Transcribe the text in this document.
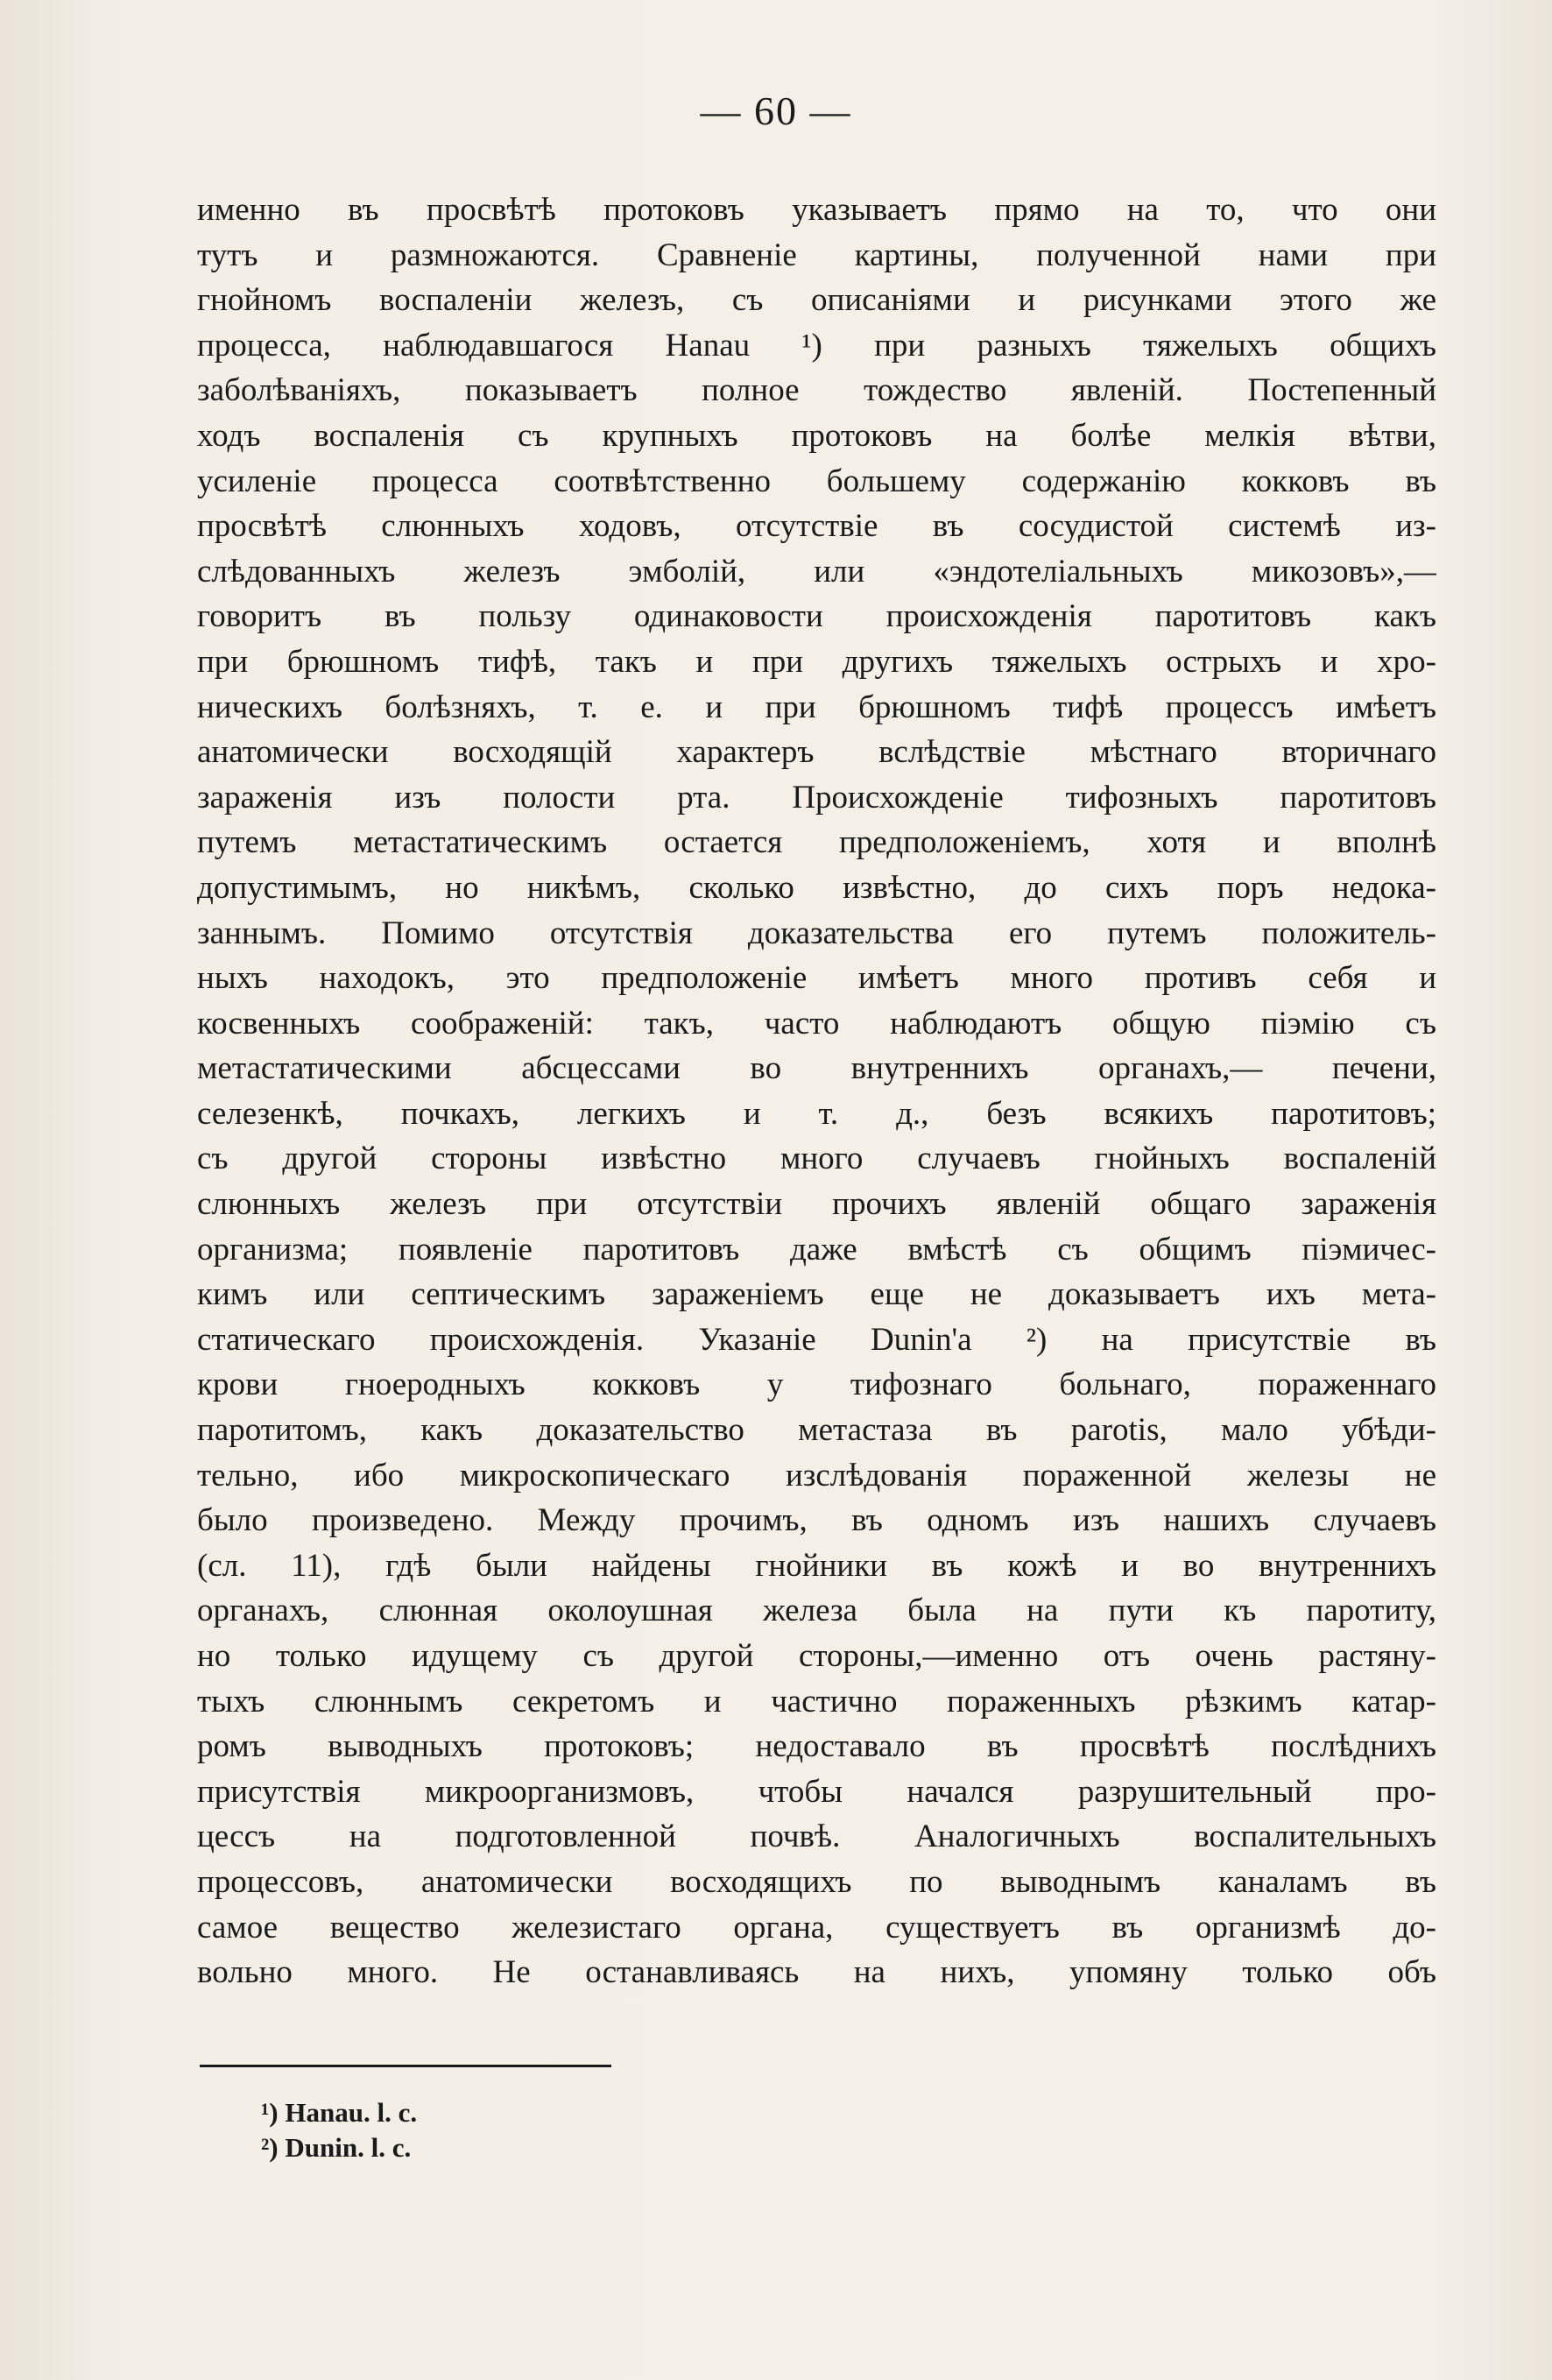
— 60 —
именно въ просвѣтѣ протоковъ указываетъ прямо на то, что они
тутъ и размножаются. Сравненіе картины, полученной нами при
гнойномъ воспаленіи железъ, съ описаніями и рисунками этого же
процесса, наблюдавшагося Hanau ¹) при разныхъ тяжелыхъ общихъ
заболѣваніяхъ, показываетъ полное тождество явленій. Постепенный
ходъ воспаленія съ крупныхъ протоковъ на болѣе мелкія вѣтви,
усиленіе процесса соотвѣтственно большему содержанію кокковъ въ
просвѣтѣ слюнныхъ ходовъ, отсутствіе въ сосудистой системѣ из-
слѣдованныхъ железъ эмболій, или «эндотеліальныхъ микозовъ»,—
говоритъ въ пользу одинаковости происхожденія паротитовъ какъ
при брюшномъ тифѣ, такъ и при другихъ тяжелыхъ острыхъ и хро-
ническихъ болѣзняхъ, т. е. и при брюшномъ тифѣ процессъ имѣетъ
анатомически восходящій характеръ вслѣдствіе мѣстнаго вторичнаго
зараженія изъ полости рта. Происхожденіе тифозныхъ паротитовъ
путемъ метастатическимъ остается предположеніемъ, хотя и вполнѣ
допустимымъ, но никѣмъ, сколько извѣстно, до сихъ поръ недока-
заннымъ. Помимо отсутствія доказательства его путемъ положитель-
ныхъ находокъ, это предположеніе имѣетъ много противъ себя и
косвенныхъ соображеній: такъ, часто наблюдаютъ общую піэмію съ
метастатическими абсцессами во внутреннихъ органахъ,— печени,
селезенкѣ, почкахъ, легкихъ и т. д., безъ всякихъ паротитовъ;
съ другой стороны извѣстно много случаевъ гнойныхъ воспаленій
слюнныхъ железъ при отсутствіи прочихъ явленій общаго зараженія
организма; появленіе паротитовъ даже вмѣстѣ съ общимъ піэмичес-
кимъ или септическимъ зараженіемъ еще не доказываетъ ихъ мета-
статическаго происхожденія. Указаніе Dunin'a ²) на присутствіе въ
крови гноеродныхъ кокковъ у тифознаго больнаго, пораженнаго
паротитомъ, какъ доказательство метастаза въ parotis, мало убѣди-
тельно, ибо микроскопическаго изслѣдованія пораженной железы не
было произведено. Между прочимъ, въ одномъ изъ нашихъ случаевъ
(сл. 11), гдѣ были найдены гнойники въ кожѣ и во внутреннихъ
органахъ, слюнная околоушная железа была на пути къ паротиту,
но только идущему съ другой стороны,—именно отъ очень растяну-
тыхъ слюннымъ секретомъ и частично пораженныхъ рѣзкимъ катар-
ромъ выводныхъ протоковъ; недоставало въ просвѣтѣ послѣднихъ
присутствія микроорганизмовъ, чтобы начался разрушительный про-
цессъ на подготовленной почвѣ. Аналогичныхъ воспалительныхъ
процессовъ, анатомически восходящихъ по выводнымъ каналамъ въ
самое вещество железистаго органа, существуетъ въ организмѣ до-
вольно много. Не останавливаясь на нихъ, упомяну только объ
¹) Hanau. l. c.
²) Dunin. l. c.
